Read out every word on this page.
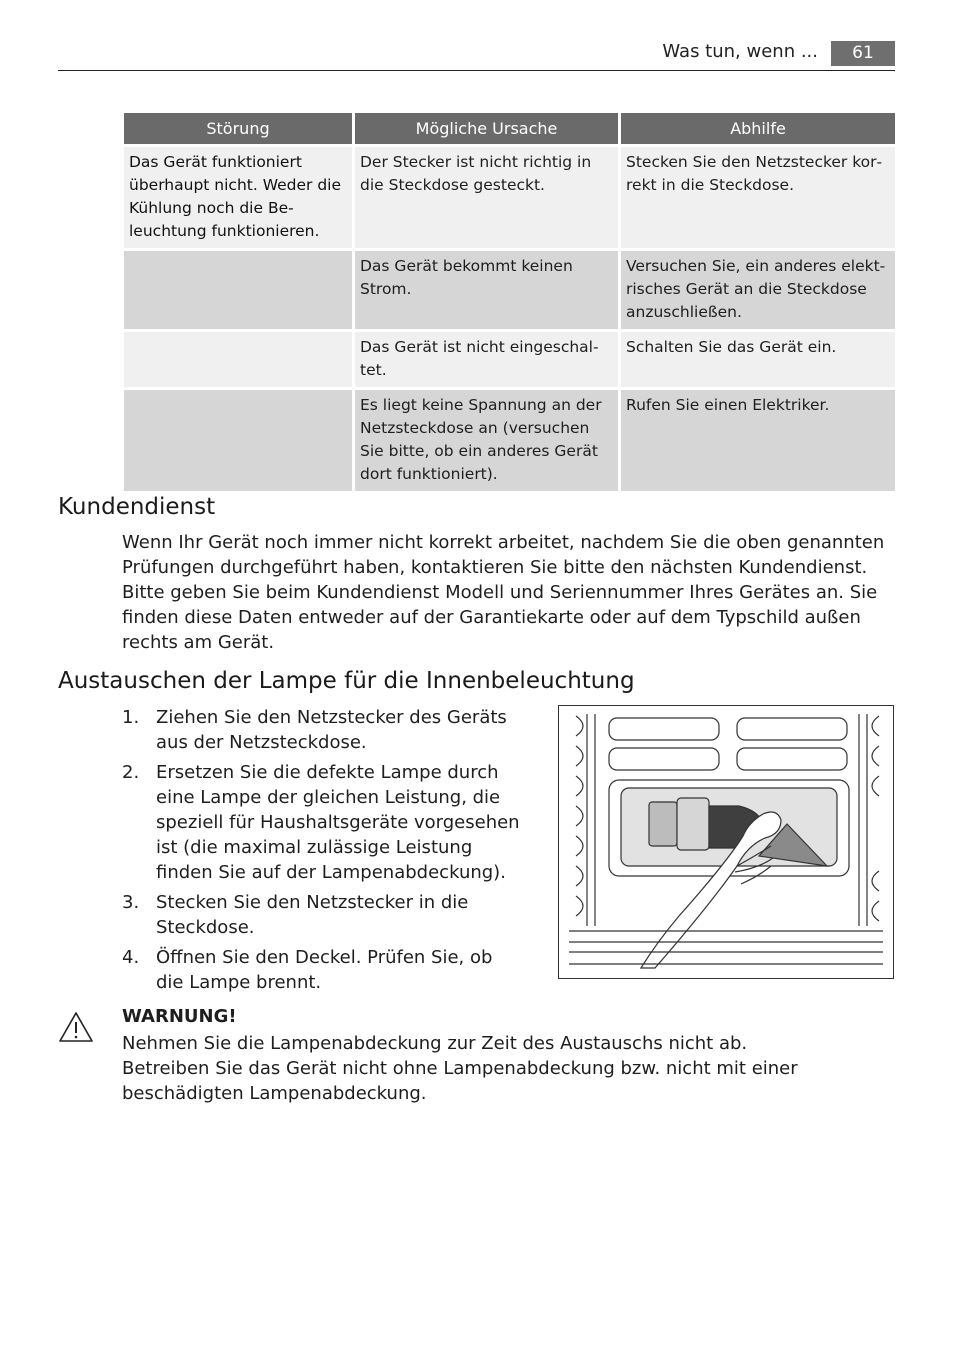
Was tun, wenn ...	61
Störung	Mögliche Ursache	Abhilfe
Das Gerät funktioniert überhaupt nicht. Weder die Kühlung noch die Beleuchtung funktionieren.	Der Stecker ist nicht richtig in die Steckdose gesteckt.	Stecken Sie den Netzstecker korrekt in die Steckdose.
	Das Gerät bekommt keinen Strom.	Versuchen Sie, ein anderes elektrisches Gerät an die Steckdose anzuschließen.
	Das Gerät ist nicht eingeschaltet.	Schalten Sie das Gerät ein.
	Es liegt keine Spannung an der Netzsteckdose an (versuchen Sie bitte, ob ein anderes Gerät dort funktioniert).	Rufen Sie einen Elektriker.
Kundendienst
Wenn Ihr Gerät noch immer nicht korrekt arbeitet, nachdem Sie die oben genannten Prüfungen durchgeführt haben, kontaktieren Sie bitte den nächsten Kundendienst.
Bitte geben Sie beim Kundendienst Modell und Seriennummer Ihres Gerätes an. Sie finden diese Daten entweder auf der Garantiekarte oder auf dem Typschild außen rechts am Gerät.
Austauschen der Lampe für die Innenbeleuchtung
1. Ziehen Sie den Netzstecker des Geräts aus der Netzsteckdose.
2. Ersetzen Sie die defekte Lampe durch eine Lampe der gleichen Leistung, die speziell für Haushaltsgeräte vorgesehen ist (die maximal zulässige Leistung finden Sie auf der Lampenabdeckung).
3. Stecken Sie den Netzstecker in die Steckdose.
4. Öffnen Sie den Deckel. Prüfen Sie, ob die Lampe brennt.
WARNUNG!
Nehmen Sie die Lampenabdeckung zur Zeit des Austauschs nicht ab.
Betreiben Sie das Gerät nicht ohne Lampenabdeckung bzw. nicht mit einer beschädigten Lampenabdeckung.
